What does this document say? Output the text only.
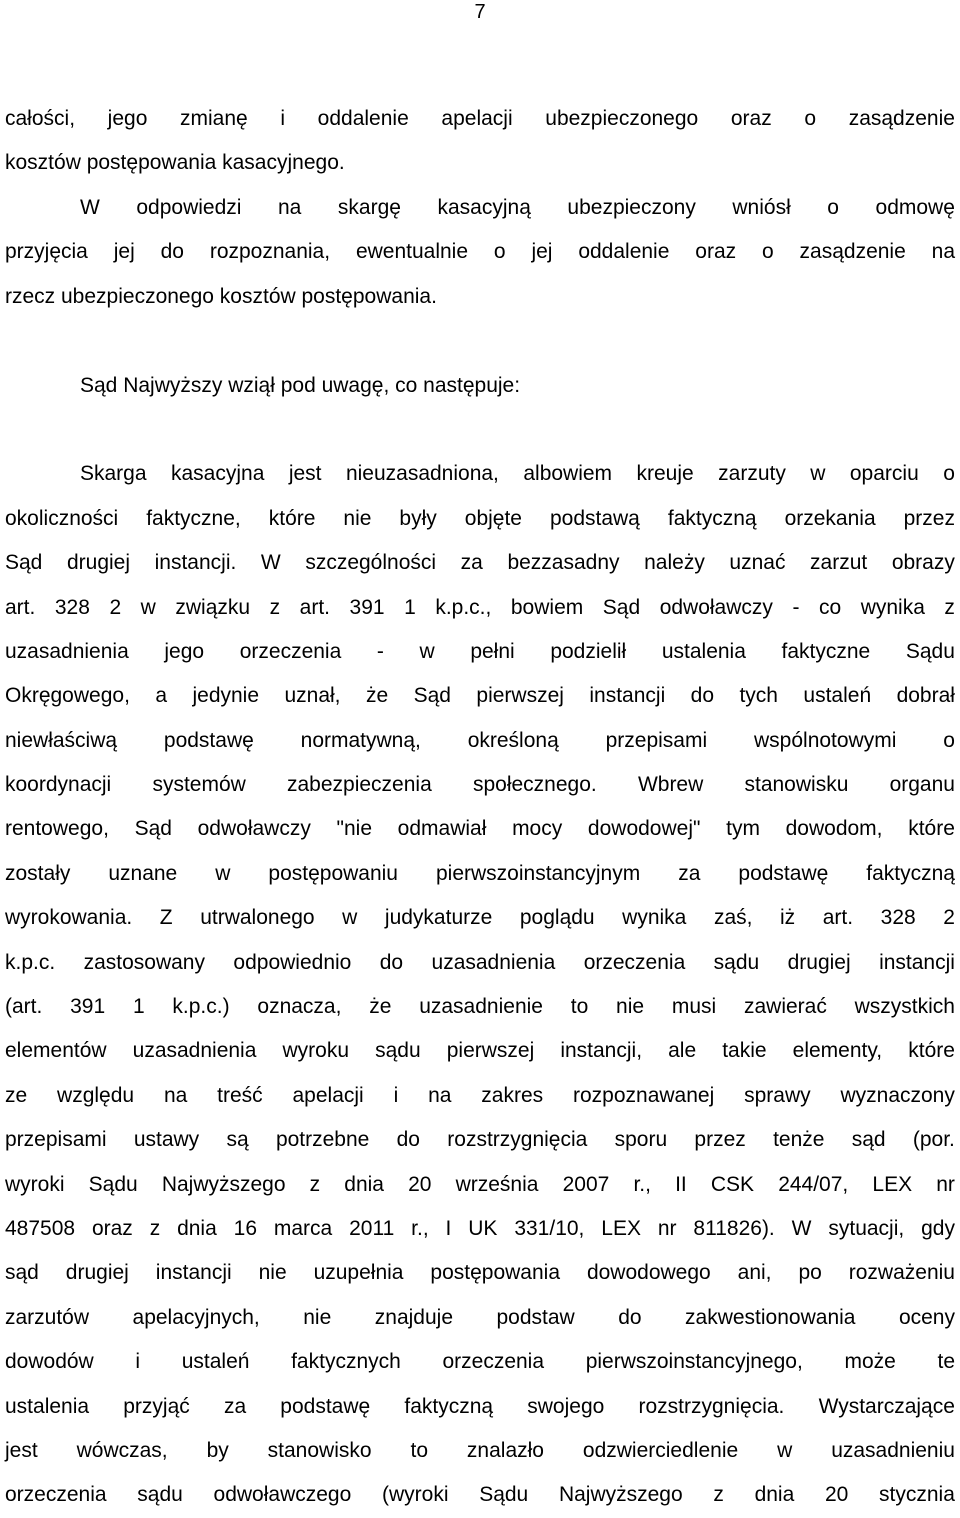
7
całości, jego zmianę i oddalenie apelacji ubezpieczonego oraz o zasądzenie
kosztów postępowania kasacyjnego.
W odpowiedzi na skargę kasacyjną ubezpieczony wniósł o odmowę
przyjęcia jej do rozpoznania, ewentualnie o jej oddalenie oraz o zasądzenie na
rzecz ubezpieczonego kosztów postępowania.
Sąd Najwyższy wziął pod uwagę, co następuje:
Skarga kasacyjna jest nieuzasadniona, albowiem kreuje zarzuty w oparciu o
okoliczności faktyczne, które nie były objęte podstawą faktyczną orzekania przez
Sąd drugiej instancji. W szczególności za bezzasadny należy uznać zarzut obrazy
art. 328 2 w związku z art. 391 1 k.p.c., bowiem Sąd odwoławczy - co wynika z
uzasadnienia jego orzeczenia - w pełni podzielił ustalenia faktyczne Sądu
Okręgowego, a jedynie uznał, że Sąd pierwszej instancji do tych ustaleń dobrał
niewłaściwą podstawę normatywną, określoną przepisami wspólnotowymi o
koordynacji systemów zabezpieczenia społecznego. Wbrew stanowisku organu
rentowego, Sąd odwoławczy "nie odmawiał mocy dowodowej" tym dowodom, które
zostały uznane w postępowaniu pierwszoinstancyjnym za podstawę faktyczną
wyrokowania. Z utrwalonego w judykaturze poglądu wynika zaś, iż art. 328 2
k.p.c. zastosowany odpowiednio do uzasadnienia orzeczenia sądu drugiej instancji
(art. 391 1 k.p.c.) oznacza, że uzasadnienie to nie musi zawierać wszystkich
elementów uzasadnienia wyroku sądu pierwszej instancji, ale takie elementy, które
ze względu na treść apelacji i na zakres rozpoznawanej sprawy wyznaczony
przepisami ustawy są potrzebne do rozstrzygnięcia sporu przez tenże sąd (por.
wyroki Sądu Najwyższego z dnia 20 września 2007 r., II CSK 244/07, LEX nr
487508 oraz z dnia 16 marca 2011 r., I UK 331/10, LEX nr 811826). W sytuacji, gdy
sąd drugiej instancji nie uzupełnia postępowania dowodowego ani, po rozważeniu
zarzutów apelacyjnych, nie znajduje podstaw do zakwestionowania oceny
dowodów i ustaleń faktycznych orzeczenia pierwszoinstancyjnego, może te
ustalenia przyjąć za podstawę faktyczną swojego rozstrzygnięcia. Wystarczające
jest wówczas, by stanowisko to znalazło odzwierciedlenie w uzasadnieniu
orzeczenia sądu odwoławczego (wyroki Sądu Najwyższego z dnia 20 stycznia
